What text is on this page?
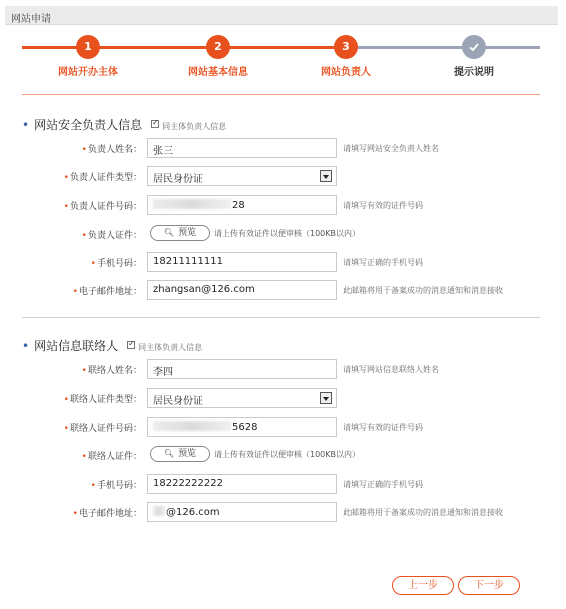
网站申请
1	2	3
网站开办主体	网站基本信息	网站负责人	提示说明
• 网站安全负责人信息 ✓	同主体负责人信息
•负责人姓名：	张三	请填写网站安全负责人姓名
•负责人证件类型：	居民身份证
•负责人证件号码：	28	请填写有效的证件号码
•负责人证件：	🔍︎ 预览	请上传有效证件以便审核（100KB以内）
•手机号码：	18211111111	请填写正确的手机号码
•电子邮件地址：	zhangsan@126.com	此邮箱将用于备案成功的消息通知和消息接收
• 网站信息联络人 ✓	同主体负责人信息
•联络人姓名：	李四	请填写网站信息联络人姓名
•联络人证件类型：	居民身份证
•联络人证件号码：	5628	请填写有效的证件号码
•联络人证件：	🔍︎ 预览	请上传有效证件以便审核（100KB以内）
•手机号码：	18222222222	请填写正确的手机号码
•电子邮件地址：	@126.com	此邮箱将用于备案成功的消息通知和消息接收
上一步	下一步
